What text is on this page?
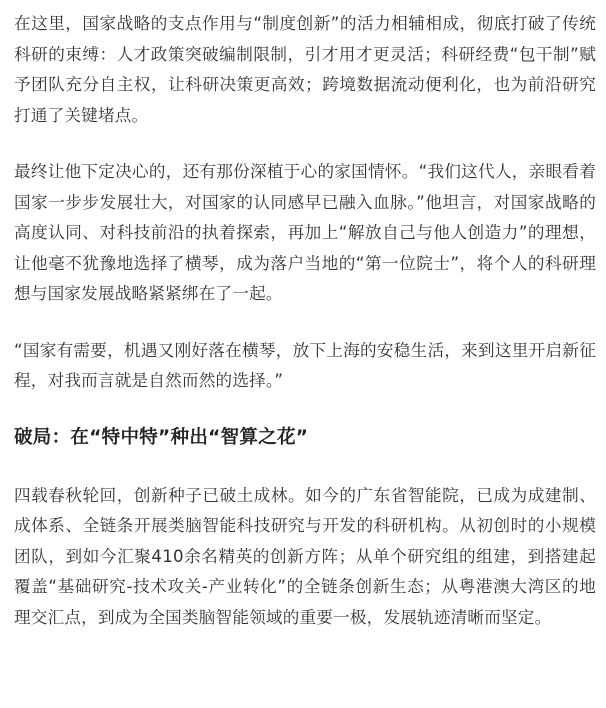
在这里，国家战略的支点作用与“制度创新”的活力相辅相成，彻底打破了传统科研的束缚：人才政策突破编制限制，引才用才更灵活；科研经费“包干制”赋予团队充分自主权，让科研决策更高效；跨境数据流动便利化，也为前沿研究打通了关键堵点。

最终让他下定决心的，还有那份深植于心的家国情怀。“我们这代人，亲眼看着国家一步步发展壮大，对国家的认同感早已融入血脉。”他坦言，对国家战略的高度认同、对科技前沿的执着探索，再加上“解放自己与他人创造力”的理想，让他毫不犹豫地选择了横琴，成为落户当地的“第一位院士”，将个人的科研理想与国家发展战略紧紧绑在了一起。

“国家有需要，机遇又刚好落在横琴，放下上海的安稳生活，来到这里开启新征程，对我而言就是自然而然的选择。”

破局：在“特中特”种出“智算之花”

四载春秋轮回，创新种子已破土成林。如今的广东省智能院，已成为成建制、成体系、全链条开展类脑智能科技研究与开发的科研机构。从初创时的小规模团队，到如今汇聚410余名精英的创新方阵；从单个研究组的组建，到搭建起覆盖“基础研究-技术攻关-产业转化”的全链条创新生态；从粤港澳大湾区的地理交汇点，到成为全国类脑智能领域的重要一极，发展轨迹清晰而坚定。
